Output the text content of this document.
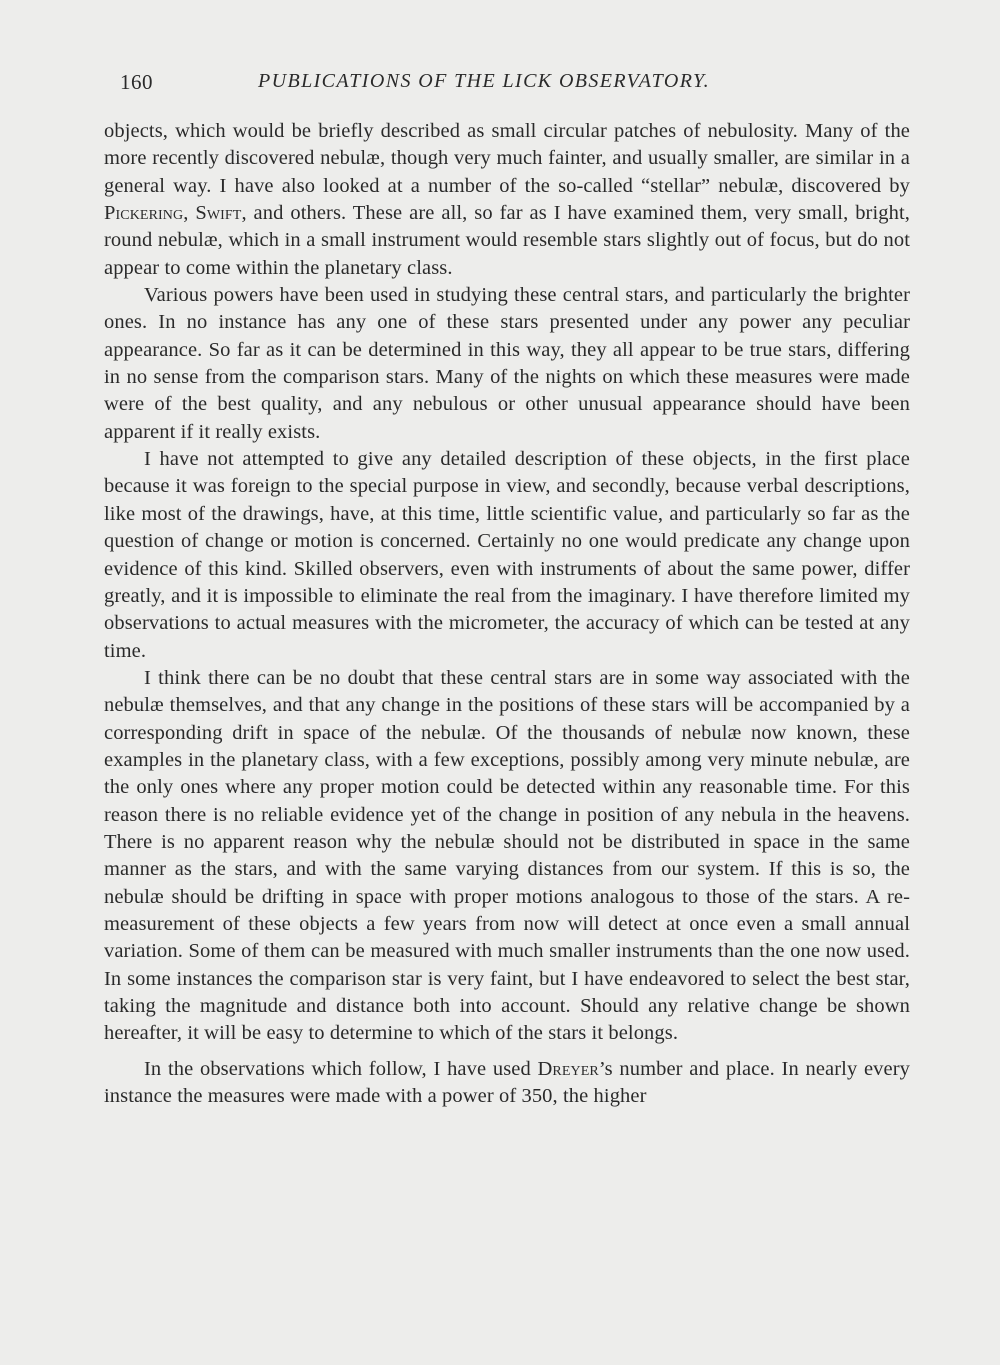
160	PUBLICATIONS OF THE LICK OBSERVATORY.

objects, which would be briefly described as small circular patches of nebulosity. Many of the more recently discovered nebulæ, though very much fainter, and usually smaller, are similar in a general way. I have also looked at a number of the so-called “stellar” nebulæ, discovered by Pickering, Swift, and others. These are all, so far as I have examined them, very small, bright, round nebulæ, which in a small instrument would resemble stars slightly out of focus, but do not appear to come within the planetary class.

Various powers have been used in studying these central stars, and particularly the brighter ones. In no instance has any one of these stars presented under any power any peculiar appearance. So far as it can be determined in this way, they all appear to be true stars, differing in no sense from the comparison stars. Many of the nights on which these measures were made were of the best quality, and any nebulous or other unusual appearance should have been apparent if it really exists.

I have not attempted to give any detailed description of these objects, in the first place because it was foreign to the special purpose in view, and secondly, because verbal descriptions, like most of the drawings, have, at this time, little scientific value, and particularly so far as the question of change or motion is concerned. Certainly no one would predicate any change upon evidence of this kind. Skilled observers, even with instruments of about the same power, differ greatly, and it is impossible to eliminate the real from the imaginary. I have therefore limited my observations to actual measures with the micrometer, the accuracy of which can be tested at any time.

I think there can be no doubt that these central stars are in some way associated with the nebulæ themselves, and that any change in the positions of these stars will be accompanied by a corresponding drift in space of the nebulæ. Of the thousands of nebulæ now known, these examples in the planetary class, with a few exceptions, possibly among very minute nebulæ, are the only ones where any proper motion could be detected within any reasonable time. For this reason there is no reliable evidence yet of the change in position of any nebula in the heavens. There is no apparent reason why the nebulæ should not be distributed in space in the same manner as the stars, and with the same varying distances from our system. If this is so, the nebulæ should be drifting in space with proper motions analogous to those of the stars. A re-measurement of these objects a few years from now will detect at once even a small annual variation. Some of them can be measured with much smaller instruments than the one now used. In some instances the comparison star is very faint, but I have endeavored to select the best star, taking the magnitude and distance both into account. Should any relative change be shown hereafter, it will be easy to determine to which of the stars it belongs.

In the observations which follow, I have used Dreyer’s number and place. In nearly every instance the measures were made with a power of 350, the higher
